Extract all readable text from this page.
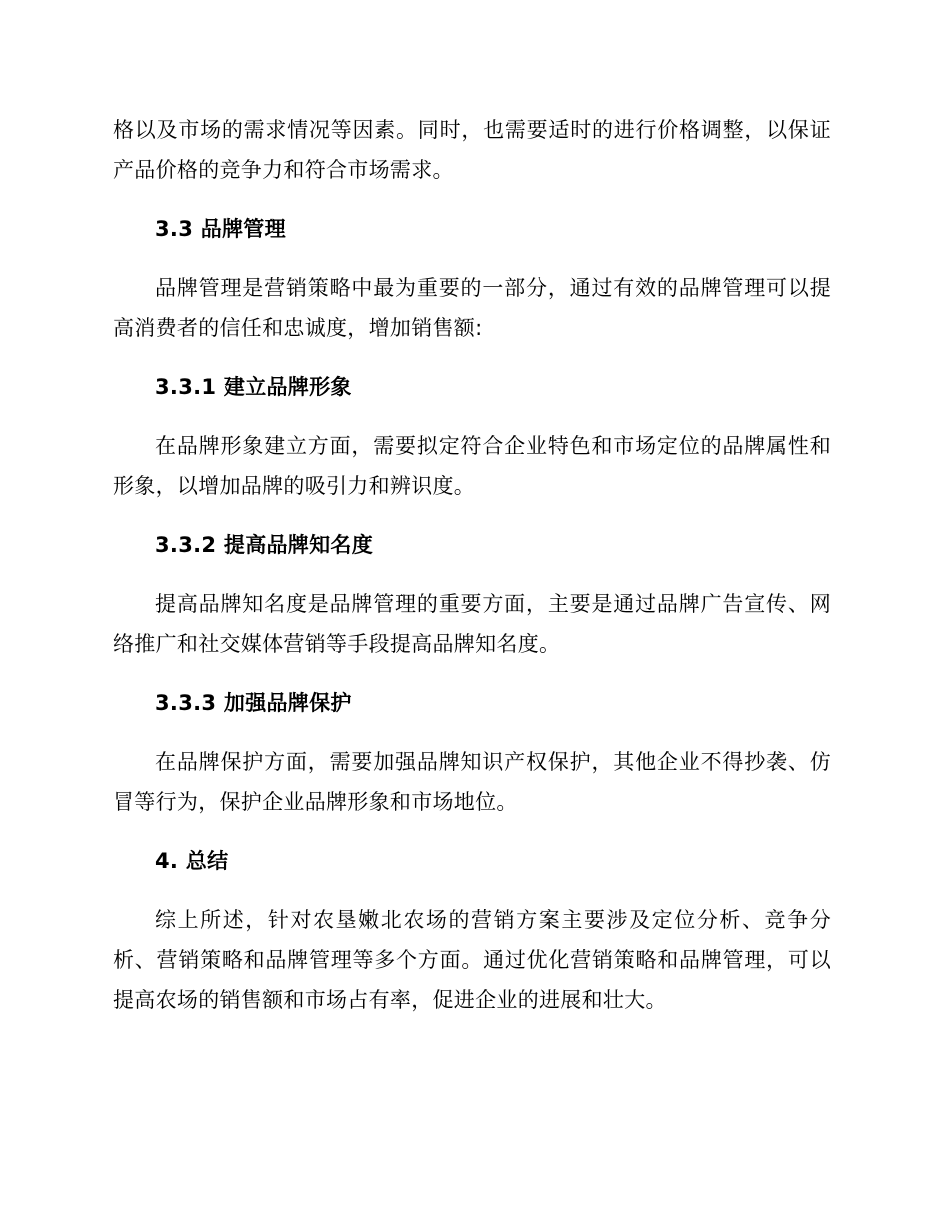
格以及市场的需求情况等因素。同时，也需要适时的进行价格调整，以保证产品价格的竞争力和符合市场需求。

3.3 品牌管理

品牌管理是营销策略中最为重要的一部分，通过有效的品牌管理可以提高消费者的信任和忠诚度，增加销售额:

3.3.1 建立品牌形象

在品牌形象建立方面，需要拟定符合企业特色和市场定位的品牌属性和形象，以增加品牌的吸引力和辨识度。

3.3.2 提高品牌知名度

提高品牌知名度是品牌管理的重要方面，主要是通过品牌广告宣传、网络推广和社交媒体营销等手段提高品牌知名度。

3.3.3 加强品牌保护

在品牌保护方面，需要加强品牌知识产权保护，其他企业不得抄袭、仿冒等行为，保护企业品牌形象和市场地位。

4. 总结

综上所述，针对农垦嫩北农场的营销方案主要涉及定位分析、竞争分析、营销策略和品牌管理等多个方面。通过优化营销策略和品牌管理，可以提高农场的销售额和市场占有率，促进企业的进展和壮大。
